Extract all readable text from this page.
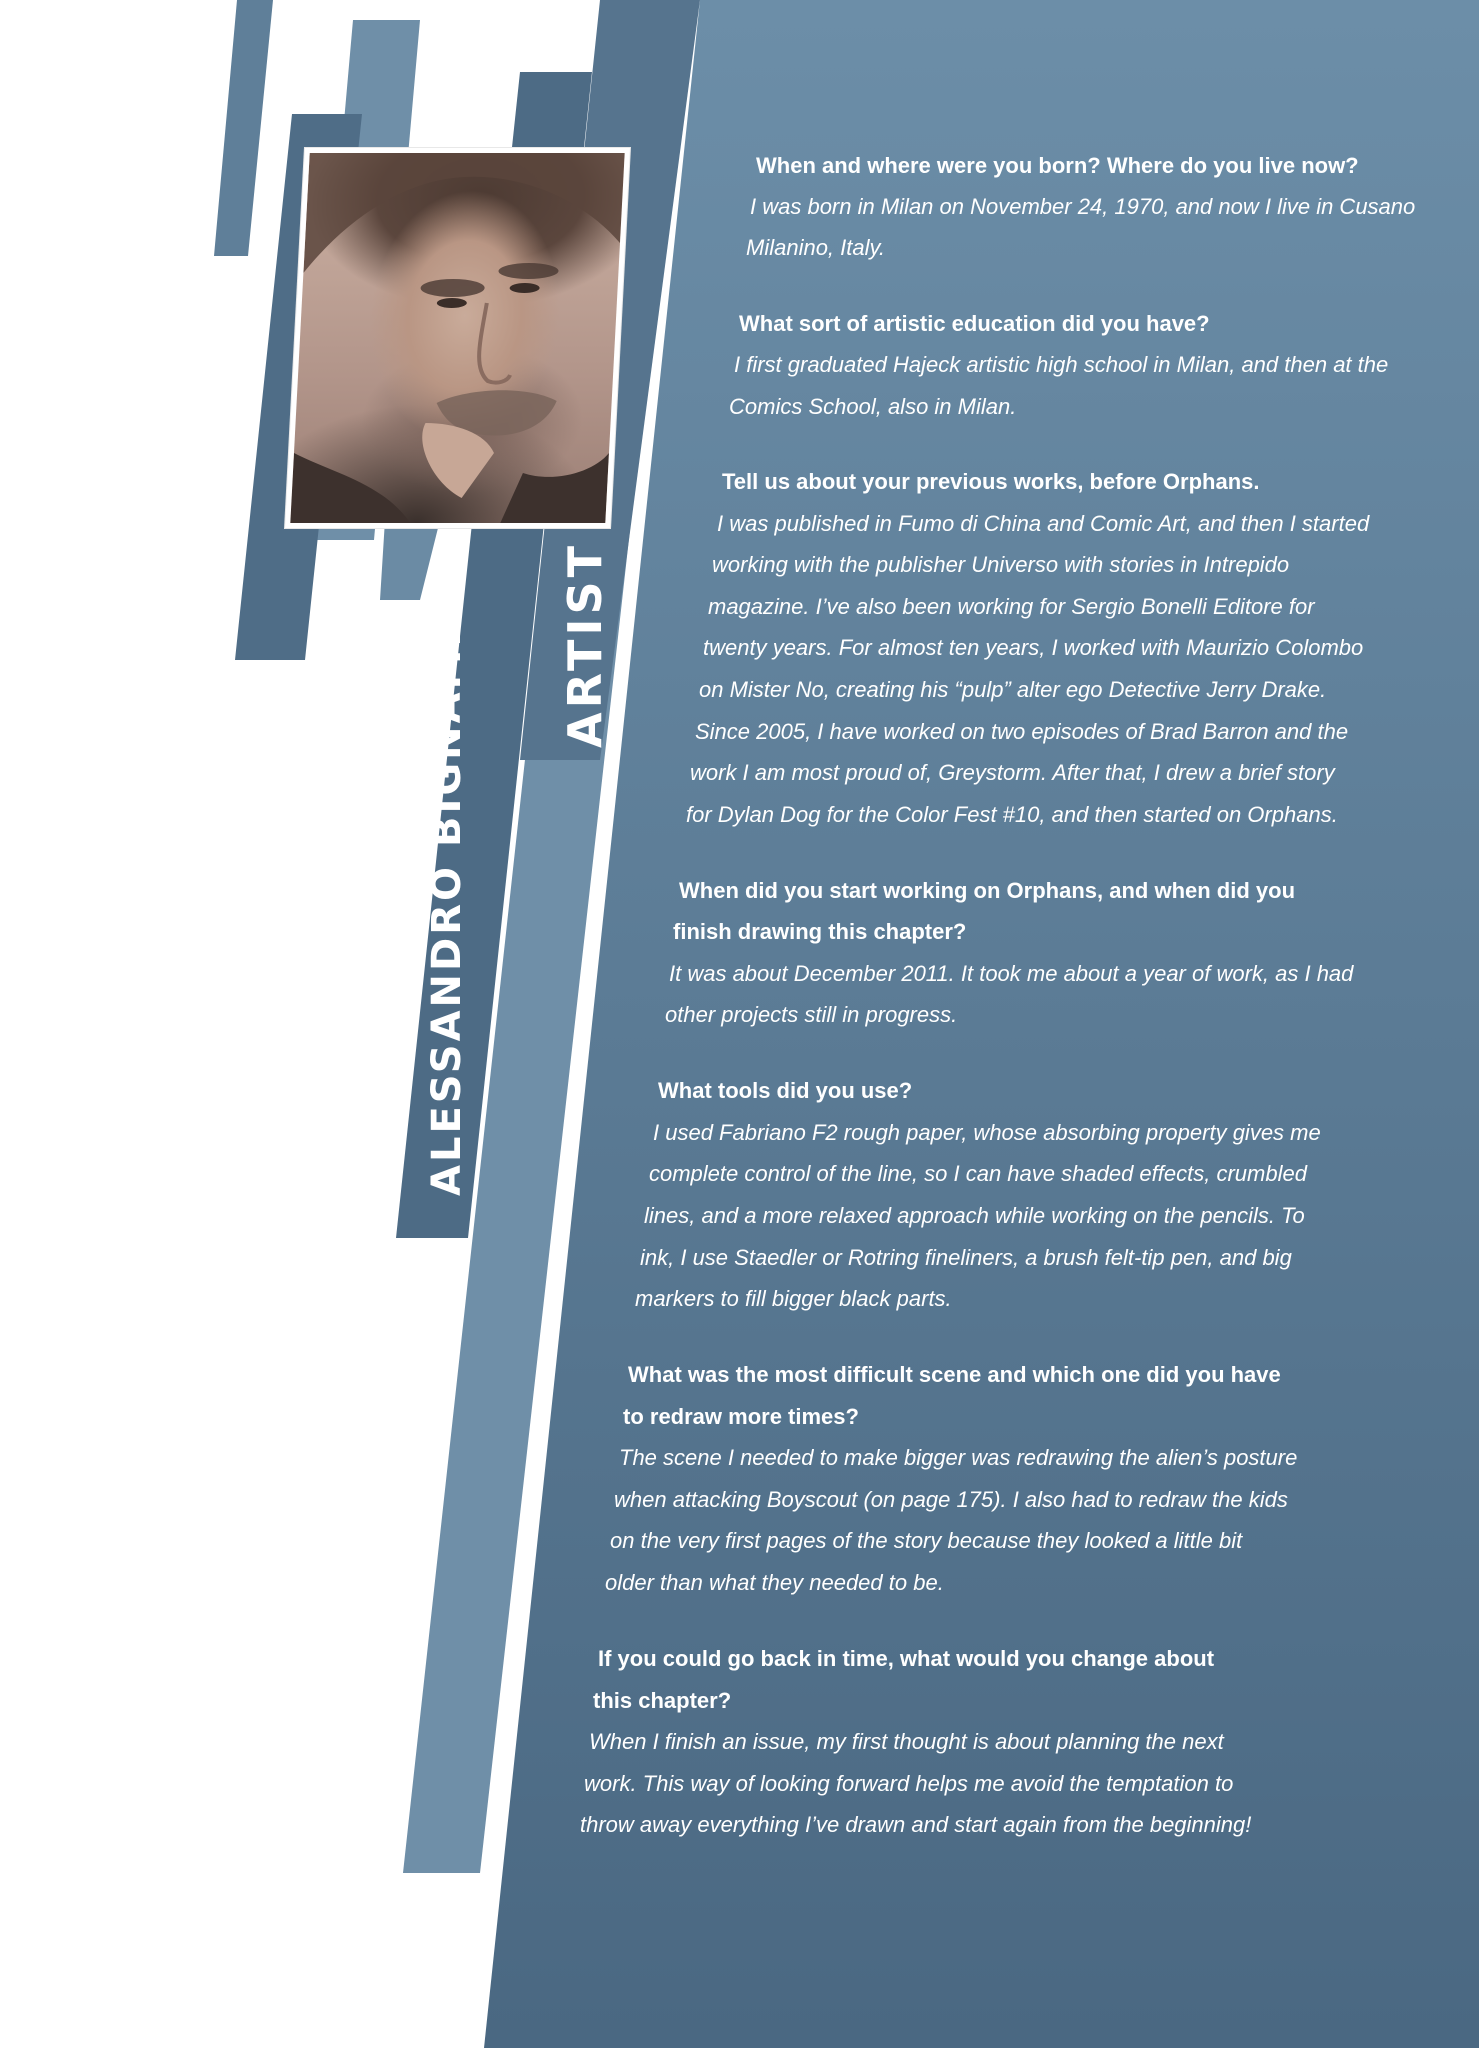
ALESSANDRO BIGNAMINI ARTIST
When and where were you born? Where do you live now?
I was born in Milan on November 24, 1970, and now I live in Cusano
Milanino, Italy.
What sort of artistic education did you have?
I first graduated Hajeck artistic high school in Milan, and then at the
Comics School, also in Milan.
Tell us about your previous works, before Orphans.
I was published in Fumo di China and Comic Art, and then I started
working with the publisher Universo with stories in Intrepido
magazine. I’ve also been working for Sergio Bonelli Editore for
twenty years. For almost ten years, I worked with Maurizio Colombo
on Mister No, creating his “pulp” alter ego Detective Jerry Drake.
Since 2005, I have worked on two episodes of Brad Barron and the
work I am most proud of, Greystorm. After that, I drew a brief story
for Dylan Dog for the Color Fest #10, and then started on Orphans.
When did you start working on Orphans, and when did you
finish drawing this chapter?
It was about December 2011. It took me about a year of work, as I had
other projects still in progress.
What tools did you use?
I used Fabriano F2 rough paper, whose absorbing property gives me
complete control of the line, so I can have shaded effects, crumbled
lines, and a more relaxed approach while working on the pencils. To
ink, I use Staedler or Rotring fineliners, a brush felt-tip pen, and big
markers to fill bigger black parts.
What was the most difficult scene and which one did you have
to redraw more times?
The scene I needed to make bigger was redrawing the alien’s posture
when attacking Boyscout (on page 175). I also had to redraw the kids
on the very first pages of the story because they looked a little bit
older than what they needed to be.
If you could go back in time, what would you change about
this chapter?
When I finish an issue, my first thought is about planning the next
work. This way of looking forward helps me avoid the temptation to
throw away everything I’ve drawn and start again from the beginning!
